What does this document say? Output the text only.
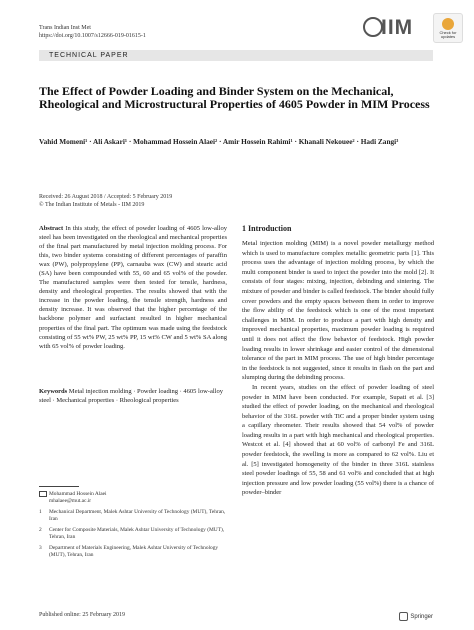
Trans Indian Inst Met
https://doi.org/10.1007/s12666-019-01615-1	IIM	Check for updates
TECHNICAL PAPER
The Effect of Powder Loading and Binder System on the Mechanical, Rheological and Microstructural Properties of 4605 Powder in MIM Process
Vahid Momeni¹ · Ali Askari¹ · Mohammad Hossein Alaei² · Amir Hossein Rahimi¹ · Khanali Nekouee² · Hadi Zangi³
Received: 26 August 2018 / Accepted: 5 February 2019
© The Indian Institute of Metals - IIM 2019
Abstract In this study, the effect of powder loading of 4605 low-alloy steel has been investigated on the rheological and mechanical properties of the final part manufactured by metal injection molding process. For this, two binder systems consisting of different percentages of paraffin wax (PW), polypropylene (PP), carnauba wax (CW) and stearic acid (SA) have been compounded with 55, 60 and 65 vol% of the powder. The manufactured samples were then tested for tensile, hardness, density and rheological properties. The results showed that with the increase in the powder loading, the tensile strength, hardness and density increase. It was observed that the higher percentage of the backbone polymer and surfactant resulted in higher mechanical properties of the final part. The optimum was made using the feedstock consisting of 55 wt% PW, 25 wt% PP, 15 wt% CW and 5 wt% SA along with 65 vol% of powder loading.
Keywords Metal injection molding · Powder loading · 4605 low-alloy steel · Mechanical properties · Rheological properties
Mohammad Hossein Alaei
mhalaee@mut.ac.ir
1 Mechanical Department, Malek Ashtar University of Technology (MUT), Tehran, Iran
2 Center for Composite Materials, Malek Ashtar University of Technology (MUT), Tehran, Iran
3 Department of Materials Engineering, Malek Ashtar University of Technology (MUT), Tehran, Iran
1 Introduction

Metal injection molding (MIM) is a novel powder metallurgy method which is used to manufacture complex metallic geometric parts [1]. This process uses the advantage of injection molding process, by which the multi component binder is used to inject the powder into the mold [2]. It consists of four stages: mixing, injection, debinding and sintering. The mixture of powder and binder is called feedstock. The binder should fully cover powders and the empty spaces between them in order to improve the flow ability of the feedstock which is one of the most important challenges in MIM. In order to produce a part with high density and improved mechanical properties, maximum powder loading is required until it does not affect the flow behavior of feedstock. High powder loading results in lower shrinkage and easier control of the dimensional tolerance of the part in MIM process. The use of high binder percentage in the feedstock is not suggested, since it results in flash on the part and slumping during the debinding process.

In recent years, studies on the effect of powder loading of steel powder in MIM have been conducted. For example, Supati et al. [3] studied the effect of powder loading, on the mechanical and rheological behavior of the 316L powder with TiC and a proper binder system using a capillary rheometer. Their results showed that 54 vol% of powder loading results in a part with high mechanical and rheological properties. Westcot et al. [4] showed that at 60 vol% of carbonyl Fe and 316L powder feedstock, the swelling is more as compared to 62 vol%. Liu et al. [5] investigated homogeneity of the binder in three 316L stainless steel powder loadings of 55, 58 and 61 vol% and concluded that at high injection pressure and low powder loading (55 vol%) there is a chance of powder–binder

Published online: 25 February 2019	Springer
